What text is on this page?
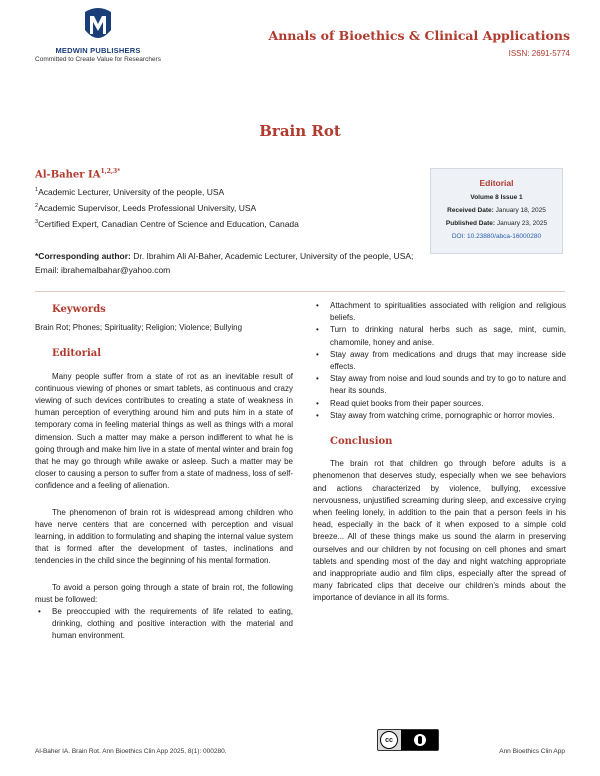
MEDWIN PUBLISHERS
Committed to Create Value for Researchers
Annals of Bioethics & Clinical Applications
ISSN: 2691-5774
Brain Rot
Al-Baher $IA^{1,2,3*}$
$^1$Academic Lecturer, University of the people, USA
$^2$Academic Supervisor, Leeds Professional University, USA
$^3$Certified Expert, Canadian Centre of Science and Education, Canada
*Corresponding author: Dr. Ibrahim Ali Al-Baher, Academic Lecturer, University of the people, USA; Email: ibrahemalbahar@yahoo.com
Editorial
Volume 8 Issue 1
Received Date: January 18, 2025
Published Date: January 23, 2025
DOI: 10.23880/abca-16000280
Keywords

Brain Rot; Phones; Spirituality; Religion; Violence; Bullying

Editorial

Many people suffer from a state of rot as an inevitable result of continuous viewing of phones or smart tablets, as continuous and crazy viewing of such devices contributes to creating a state of weakness in human perception of everything around him and puts him in a state of temporary coma in feeling material things as well as things with a moral dimension. Such a matter may make a person indifferent to what he is going through and make him live in a state of mental winter and brain fog that he may go through while awake or asleep. Such a matter may be closer to causing a person to suffer from a state of madness, loss of self-confidence and a feeling of alienation.

The phenomenon of brain rot is widespread among children who have nerve centers that are concerned with perception and visual learning, in addition to formulating and shaping the internal value system that is formed after the development of tastes, inclinations and tendencies in the child since the beginning of his mental formation.

To avoid a person going through a state of brain rot, the following must be followed:

• Be preoccupied with the requirements of life related to eating, drinking, clothing and positive interaction with the material and human environment.
• Attachment to spiritualities associated with religion and religious beliefs.
• Turn to drinking natural herbs such as sage, mint, cumin, chamomile, honey and anise.
• Stay away from medications and drugs that may increase side effects.
• Stay away from noise and loud sounds and try to go to nature and hear its sounds.
• Read quiet books from their paper sources.
• Stay away from watching crime, pornographic or horror movies.
Conclusion

The brain rot that children go through before adults is a phenomenon that deserves study, especially when we see behaviors and actions characterized by violence, bullying, excessive nervousness, unjustified screaming during sleep, and excessive crying when feeling lonely, in addition to the pain that a person feels in his head, especially in the back of it when exposed to a simple cold breeze... All of these things make us sound the alarm in preserving ourselves and our children by not focusing on cell phones and smart tablets and spending most of the day and night watching appropriate and inappropriate audio and film clips, especially after the spread of many fabricated clips that deceive our children's minds about the importance of deviance in all its forms.

cc
Al-Baher IA. Brain Rot. Ann Bioethics Clin App 2025, 8(1): 000280.	Ann Bioethics Clin App
